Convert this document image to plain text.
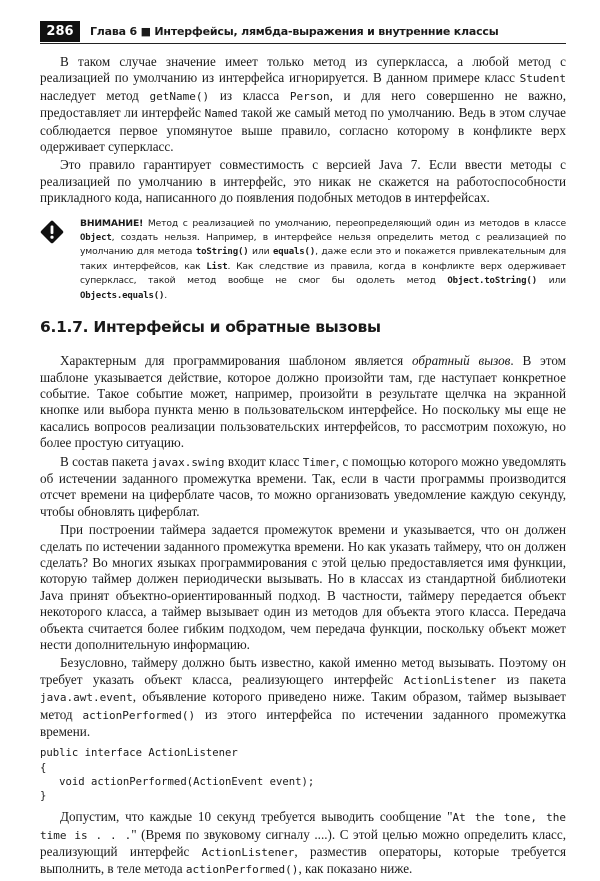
286	Глава 6 ■ Интерфейсы, лямбда-выражения и внутренние классы

В таком случае значение имеет только метод из суперкласса, а любой метод с реализацией по умолчанию из интерфейса игнорируется. В данном примере класс Student наследует метод getName() из класса Person, и для него совершенно не важно, предоставляет ли интерфейс Named такой же самый метод по умолчанию. Ведь в этом случае соблюдается первое упомянутое выше правило, согласно которому в конфликте верх одерживает суперкласс.

Это правило гарантирует совместимость с версией Java 7. Если ввести методы с реализацией по умолчанию в интерфейс, это никак не скажется на работоспособности прикладного кода, написанного до появления подобных методов в интерфейсах.

ВНИМАНИЕ! Метод с реализацией по умолчанию, переопределяющий один из методов в классе Object, создать нельзя. Например, в интерфейсе нельзя определить метод с реализацией по умолчанию для метода toString() или equals(), даже если это и покажется привлекательным для таких интерфейсов, как List. Как следствие из правила, когда в конфликте верх одерживает суперкласс, такой метод вообще не смог бы одолеть метод Object.toString() или Objects.equals().

6.1.7. Интерфейсы и обратные вызовы

Характерным для программирования шаблоном является обратный вызов. В этом шаблоне указывается действие, которое должно произойти там, где наступает конкретное событие. Такое событие может, например, произойти в результате щелчка на экранной кнопке или выбора пункта меню в пользовательском интерфейсе. Но поскольку мы еще не касались вопросов реализации пользовательских интерфейсов, то рассмотрим похожую, но более простую ситуацию.

В состав пакета javax.swing входит класс Timer, с помощью которого можно уведомлять об истечении заданного промежутка времени. Так, если в части программы производится отсчет времени на циферблате часов, то можно организовать уведомление каждую секунду, чтобы обновлять циферблат.

При построении таймера задается промежуток времени и указывается, что он должен сделать по истечении заданного промежутка времени. Но как указать таймеру, что он должен сделать? Во многих языках программирования с этой целью предоставляется имя функции, которую таймер должен периодически вызывать. Но в классах из стандартной библиотеки Java принят объектно-ориентированный подход. В частности, таймеру передается объект некоторого класса, а таймер вызывает один из методов для объекта этого класса. Передача объекта считается более гибким подходом, чем передача функции, поскольку объект может нести дополнительную информацию.

Безусловно, таймеру должно быть известно, какой именно метод вызывать. Поэтому он требует указать объект класса, реализующего интерфейс ActionListener из пакета java.awt.event, объявление которого приведено ниже. Таким образом, таймер вызывает метод actionPerformed() из этого интерфейса по истечении заданного промежутка времени.

public interface ActionListener
{
void actionPerformed(ActionEvent event);
}

Допустим, что каждые 10 секунд требуется выводить сообщение "At the tone, the time is . . ." (Время по звуковому сигналу ....). С этой целью можно определить класс, реализующий интерфейс ActionListener, разместив операторы, которые требуется выполнить, в теле метода actionPerformed(), как показано ниже.
